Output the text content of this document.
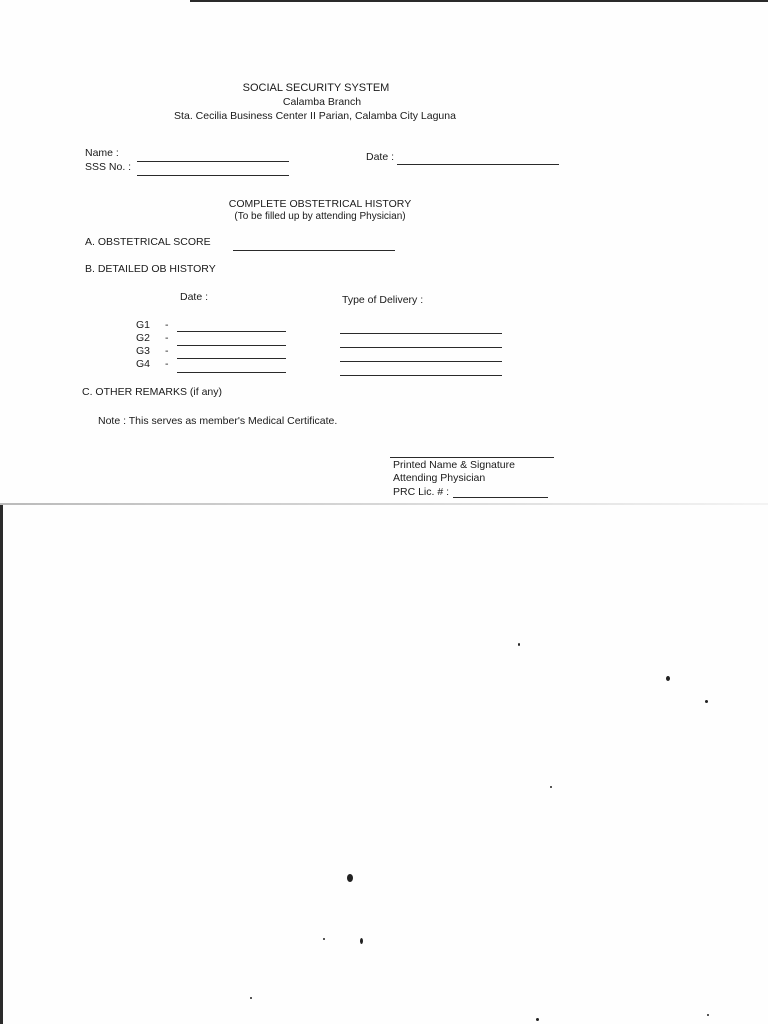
SOCIAL SECURITY SYSTEM
Calamba Branch
Sta. Cecilia Business Center II Parian, Calamba City Laguna
Name :
SSS No. :
Date :
COMPLETE OBSTETRICAL HISTORY
(To be filled up by attending Physician)
A. OBSTETRICAL SCORE
B. DETAILED OB HISTORY
Date :	Type of Delivery :
G1 -
G2 -
G3 -
G4 -
C. OTHER REMARKS (if any)
Note : This serves as member's Medical Certificate.
Printed Name & Signature
Attending Physician
PRC Lic. # :
